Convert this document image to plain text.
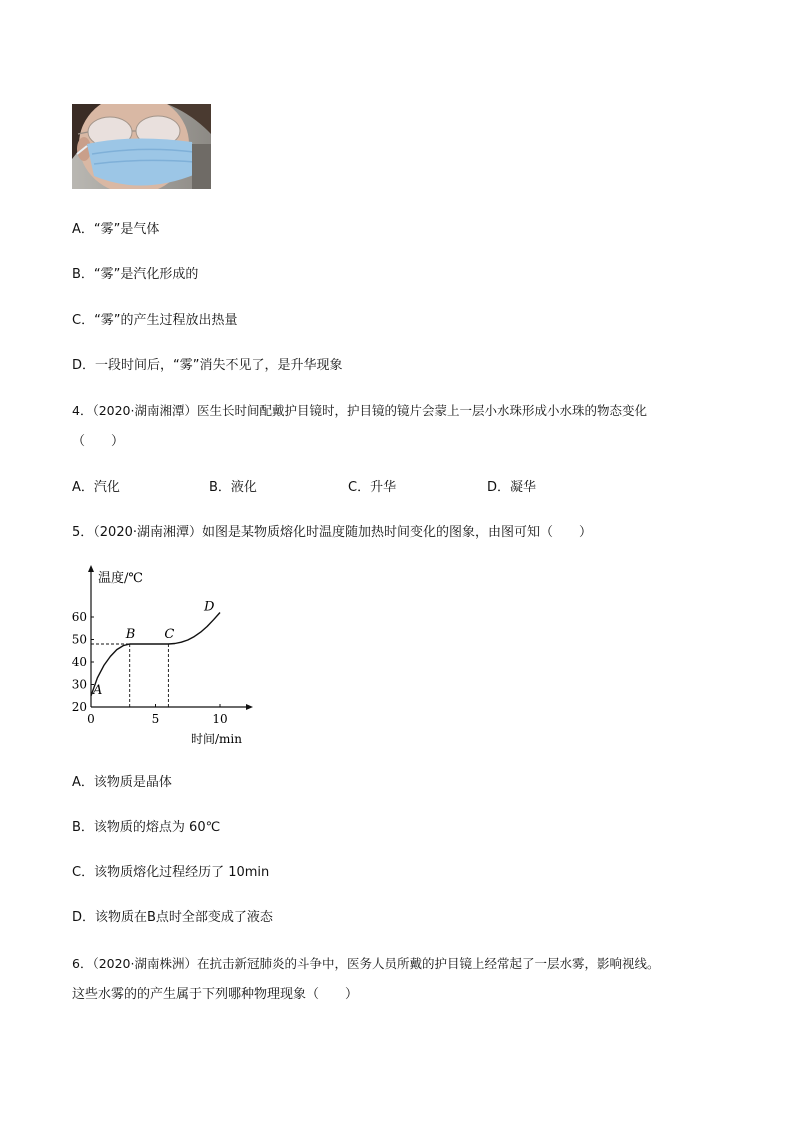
A．“雾”是气体
B．“雾”是汽化形成的
C．“雾”的产生过程放出热量
D．一段时间后，“雾”消失不见了，是升华现象
4．（2020·湖南湘潭）医生长时间配戴护目镜时，护目镜的镜片会蒙上一层小水珠形成小水珠的物态变化
（　　）
A．汽化	B．液化	C．升华	D．凝华
5．（2020·湖南湘潭）如图是某物质熔化时温度随加热时间变化的图象，由图可知（　　）
温度/℃
时间/min
20
30
40
50
60
0	5	10
A
B C
D
A．该物质是晶体
B．该物质的熔点为 60℃
C．该物质熔化过程经历了 10min
D．该物质在B点时全部变成了液态
6．（2020·湖南株洲）在抗击新冠肺炎的斗争中，医务人员所戴的护目镜上经常起了一层水雾，影响视线。
这些水雾的的产生属于下列哪种物理现象（　　）
